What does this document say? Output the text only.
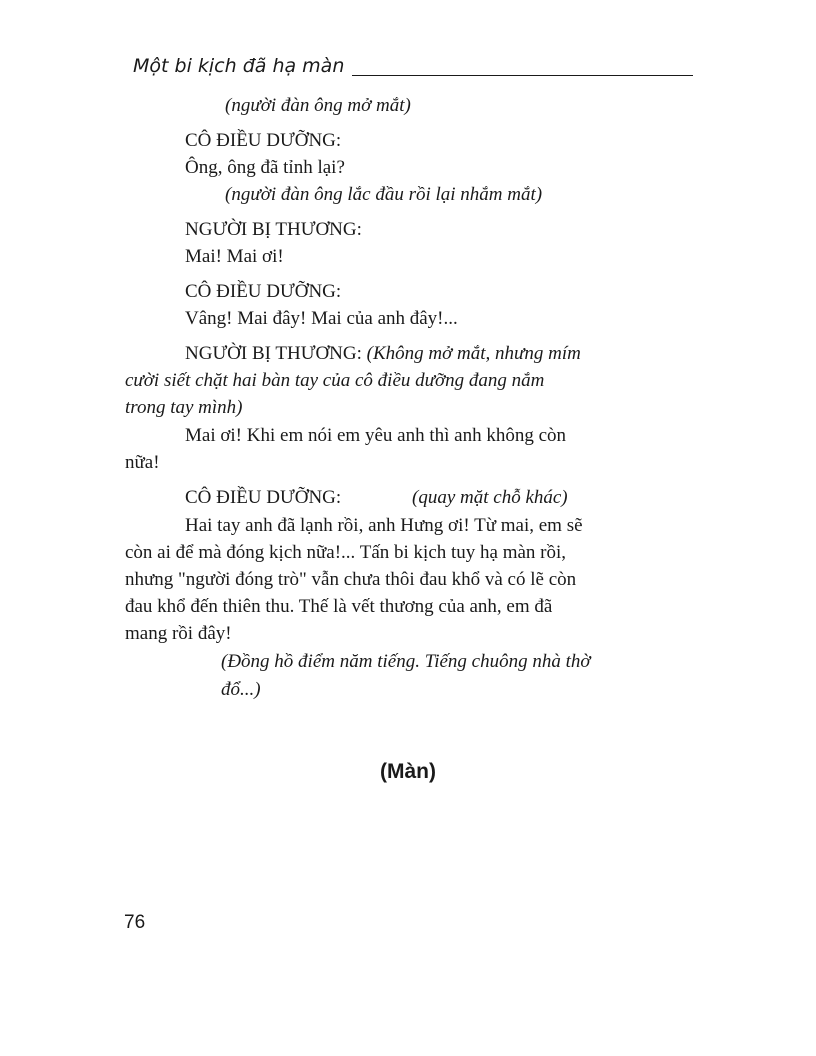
Một bi kịch đã hạ màn

(người đàn ông mở mắt)

CÔ ĐIỀU DƯỠNG:

Ông, ông đã tỉnh lại?

(người đàn ông lắc đầu rồi lại nhắm mắt)

NGƯỜI BỊ THƯƠNG:

Mai! Mai ơi!

CÔ ĐIỀU DƯỠNG:

Vâng! Mai đây! Mai của anh đây!...

NGƯỜI BỊ THƯƠNG: (Không mở mắt, nhưng mím

cười siết chặt hai bàn tay của cô điều dưỡng đang nắm

trong tay mình)

Mai ơi! Khi em nói em yêu anh thì anh không còn

nữa!

CÔ ĐIỀU DƯỠNG:	(quay mặt chỗ khác)

Hai tay anh đã lạnh rồi, anh Hưng ơi! Từ mai, em sẽ

còn ai để mà đóng kịch nữa!... Tấn bi kịch tuy hạ màn rồi,

nhưng "người đóng trò" vẫn chưa thôi đau khổ và có lẽ còn

đau khổ đến thiên thu. Thế là vết thương của anh, em đã

mang rồi đây!

(Đồng hồ điểm năm tiếng. Tiếng chuông nhà thờ

đổ...)

(Màn)
76
